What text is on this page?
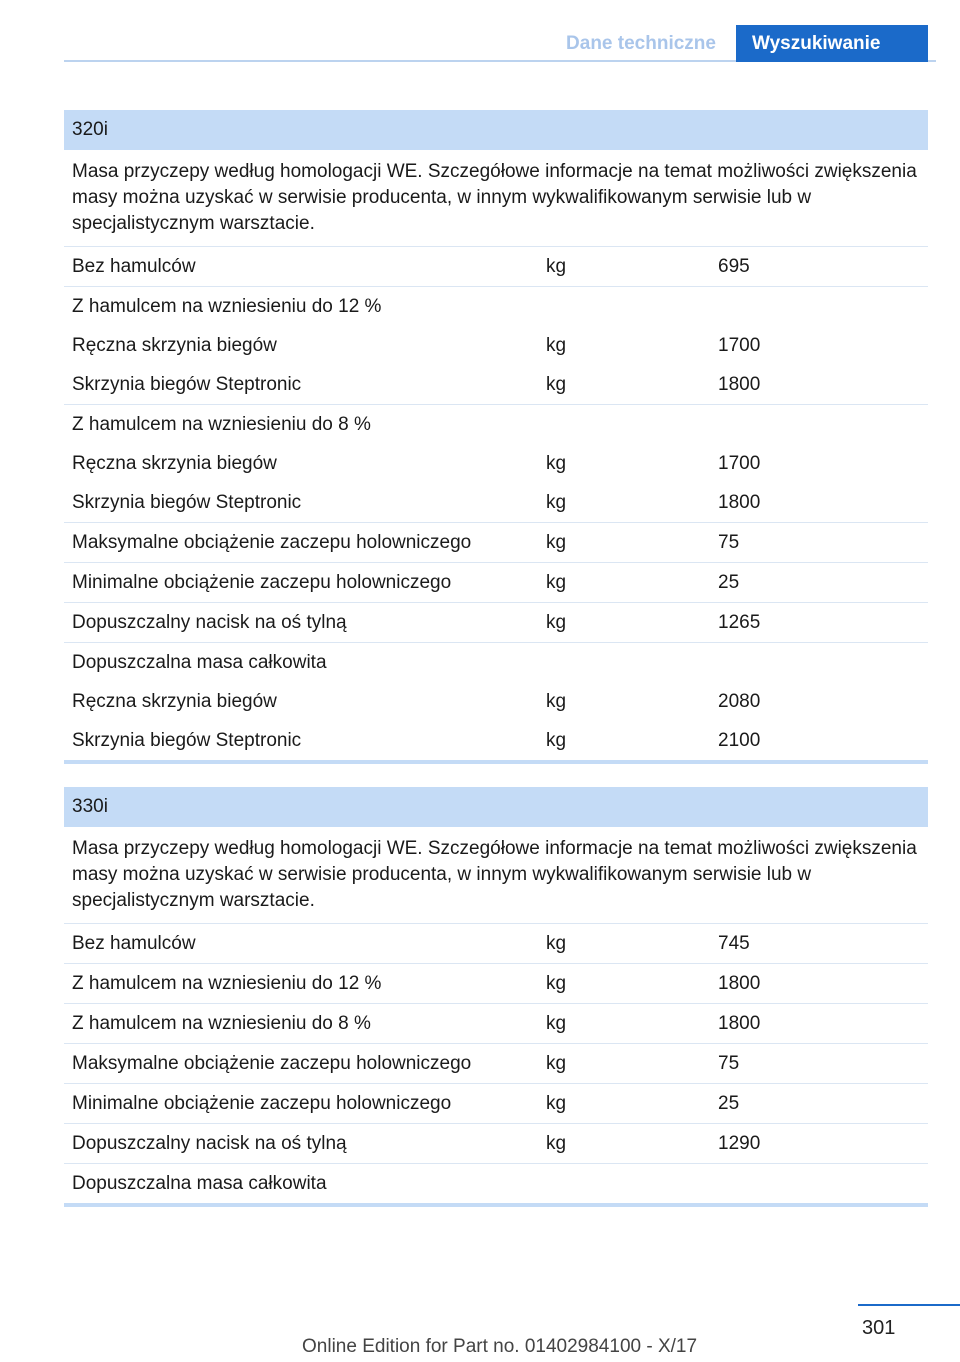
Dane techniczne	Wyszukiwanie
320i		
Masa przyczepy według homologacji WE. Szczegółowe informacje na temat możliwości zwiększenia masy można uzyskać w serwisie producenta, w innym wykwalifikowanym serwisie lub w specjalistycznym warsztacie.		
Bez hamulców	kg	695
Z hamulcem na wzniesieniu do 12 %		
Ręczna skrzynia biegów	kg	1700
Skrzynia biegów Steptronic	kg	1800
Z hamulcem na wzniesieniu do 8 %		
Ręczna skrzynia biegów	kg	1700
Skrzynia biegów Steptronic	kg	1800
Maksymalne obciążenie zaczepu holowniczego	kg	75
Minimalne obciążenie zaczepu holowniczego	kg	25
Dopuszczalny nacisk na oś tylną	kg	1265
Dopuszczalna masa całkowita		
Ręczna skrzynia biegów	kg	2080
Skrzynia biegów Steptronic	kg	2100
330i		
Masa przyczepy według homologacji WE. Szczegółowe informacje na temat możliwości zwiększenia masy można uzyskać w serwisie producenta, w innym wykwalifikowanym serwisie lub w specjalistycznym warsztacie.		
Bez hamulców	kg	745
Z hamulcem na wzniesieniu do 12 %	kg	1800
Z hamulcem na wzniesieniu do 8 %	kg	1800
Maksymalne obciążenie zaczepu holowniczego	kg	75
Minimalne obciążenie zaczepu holowniczego	kg	25
Dopuszczalny nacisk na oś tylną	kg	1290
Dopuszczalna masa całkowita		
301
Online Edition for Part no. 01402984100 - X/17
